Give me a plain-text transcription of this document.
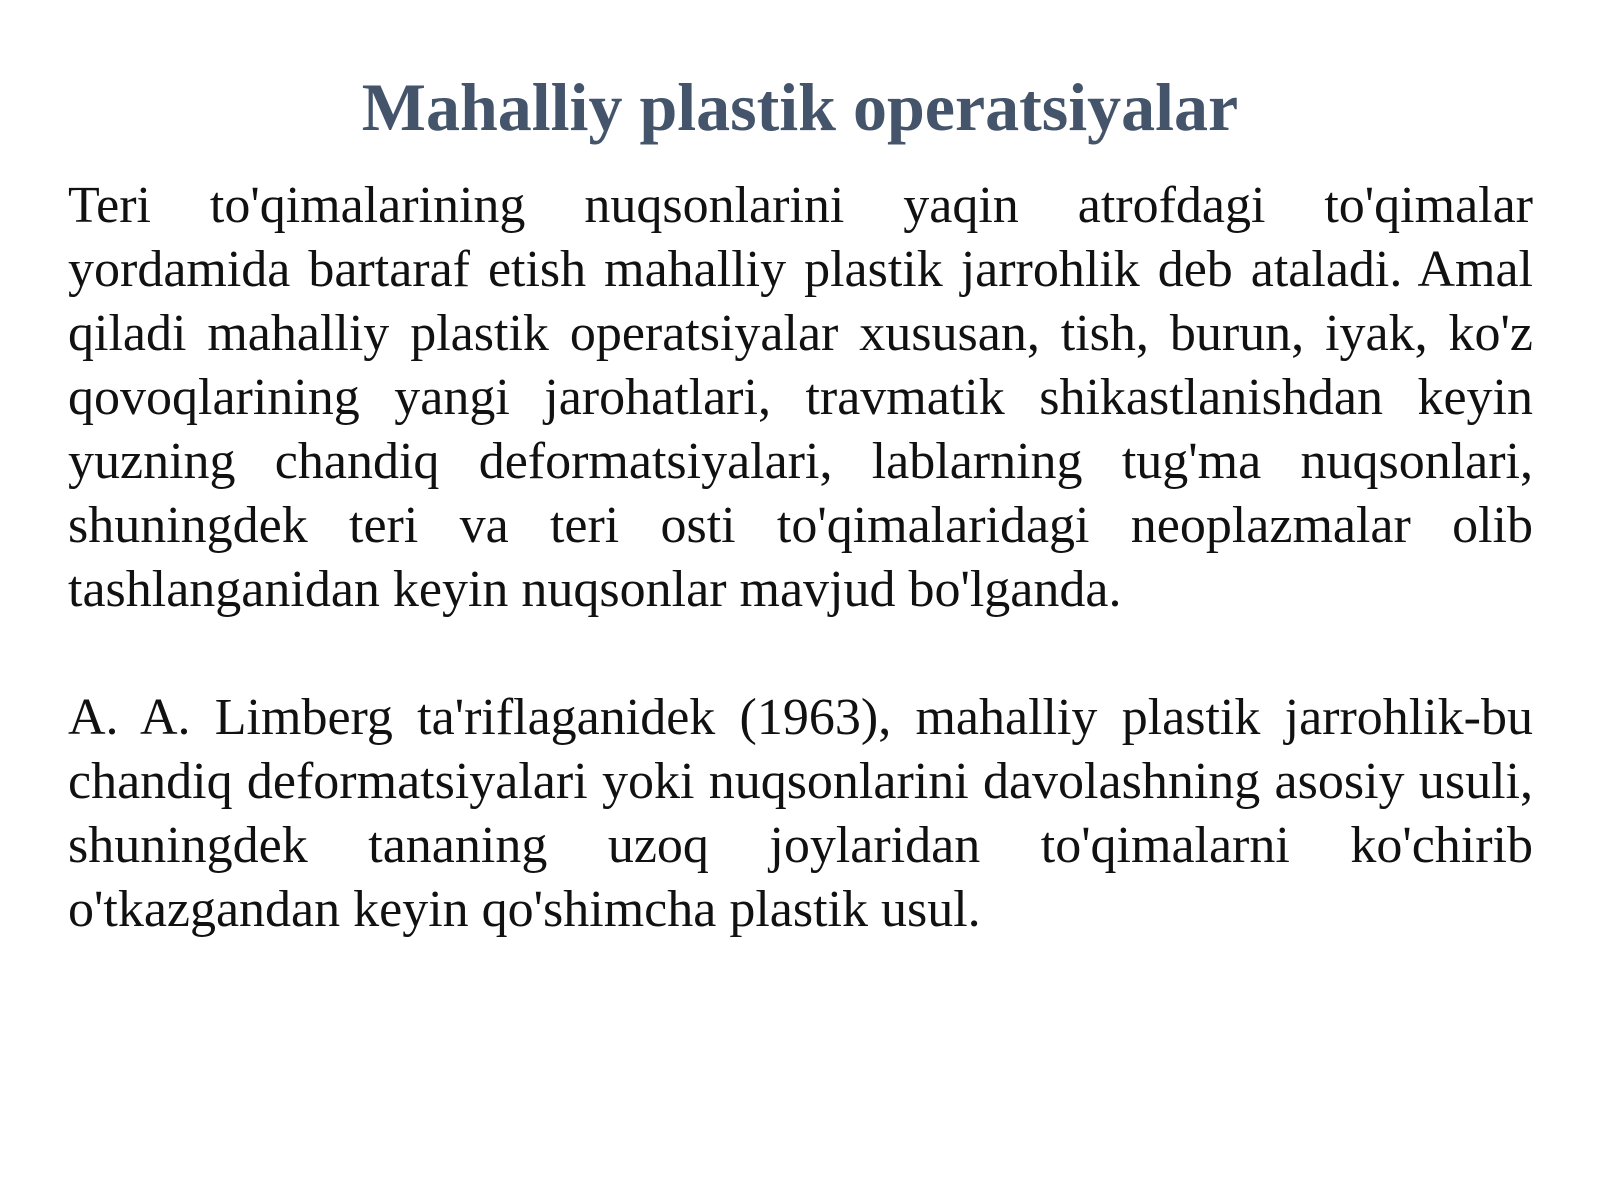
Mahalliy plastik operatsiyalar

Teri to'qimalarining nuqsonlarini yaqin atrofdagi to'qimalar yordamida bartaraf etish mahalliy plastik jarrohlik deb ataladi. Amal qiladi mahalliy plastik operatsiyalar xususan, tish, burun, iyak, ko'z qovoqlarining yangi jarohatlari, travmatik shikastlanishdan keyin yuzning chandiq deformatsiyalari, lablarning tug'ma nuqsonlari, shuningdek teri va teri osti to'qimalaridagi neoplazmalar olib tashlanganidan keyin nuqsonlar mavjud bo'lganda.

A. A. Limberg ta'riflaganidek (1963), mahalliy plastik jarrohlik-bu chandiq deformatsiyalari yoki nuqsonlarini davolashning asosiy usuli, shuningdek tananing uzoq joylaridan to'qimalarni ko'chirib o'tkazgandan keyin qo'shimcha plastik usul.
